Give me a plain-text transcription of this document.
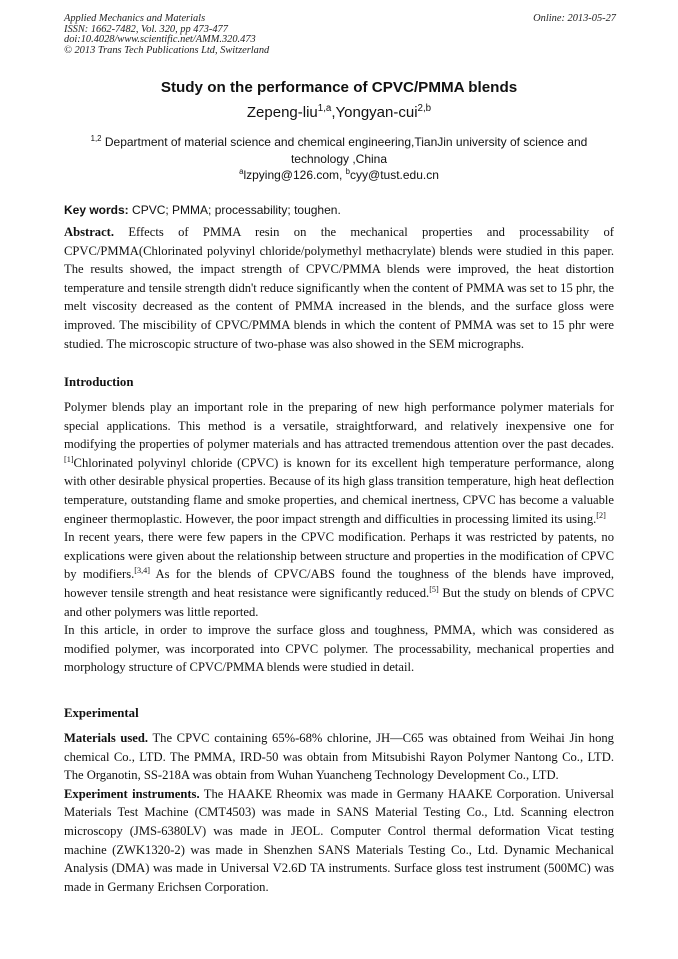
Applied Mechanics and Materials
ISSN: 1662-7482, Vol. 320, pp 473-477
doi:10.4028/www.scientific.net/AMM.320.473
© 2013 Trans Tech Publications Ltd, Switzerland
Online: 2013-05-27
Study on the performance of CPVC/PMMA blends
Zepeng-liu$^{1,a}$,Yongyan-cui$^{2,b}$
$^{1,2}$ Department of material science and chemical engineering,TianJin university of science and technology ,China
$^a$lzpying@126.com, $^b$cyy@tust.edu.cn
Key words: CPVC; PMMA; processability; toughen.

Abstract. Effects of PMMA resin on the mechanical properties and processability of CPVC/PMMA(Chlorinated polyvinyl chloride/polymethyl methacrylate) blends were studied in this paper. The results showed, the impact strength of CPVC/PMMA blends were improved, the heat distortion temperature and tensile strength didn't reduce significantly when the content of PMMA was set to 15 phr, the melt viscosity decreased as the content of PMMA increased in the blends, and the surface gloss were improved. The miscibility of CPVC/PMMA blends in which the content of PMMA was set to 15 phr were studied. The microscopic structure of two-phase was also showed in the SEM micrographs.

Introduction

Polymer blends play an important role in the preparing of new high performance polymer materials for special applications. This method is a versatile, straightforward, and relatively inexpensive one for modifying the properties of polymer materials and has attracted tremendous attention over the past decades.[1]Chlorinated polyvinyl chloride (CPVC) is known for its excellent high temperature performance, along with other desirable physical properties. Because of its high glass transition temperature, high heat deflection temperature, outstanding flame and smoke properties, and chemical inertness, CPVC has become a valuable engineer thermoplastic. However, the poor impact strength and difficulties in processing limited its using.[2]

In recent years, there were few papers in the CPVC modification. Perhaps it was restricted by patents, no explications were given about the relationship between structure and properties in the modification of CPVC by modifiers.[3,4] As for the blends of CPVC/ABS found the toughness of the blends have improved, however tensile strength and heat resistance were significantly reduced.[5] But the study on blends of CPVC and other polymers was little reported.

In this article, in order to improve the surface gloss and toughness, PMMA, which was considered as modified polymer, was incorporated into CPVC polymer. The processability, mechanical properties and morphology structure of CPVC/PMMA blends were studied in detail.

Experimental

Materials used. The CPVC containing 65%-68% chlorine, JH—C65 was obtained from Weihai Jin hong chemical Co., LTD. The PMMA, IRD-50 was obtain from Mitsubishi Rayon Polymer Nantong Co., LTD. The Organotin, SS-218A was obtain from Wuhan Yuancheng Technology Development Co., LTD.

Experiment instruments. The HAAKE Rheomix was made in Germany HAAKE Corporation. Universal Materials Test Machine (CMT4503) was made in SANS Material Testing Co., Ltd. Scanning electron microscopy (JMS-6380LV) was made in JEOL. Computer Control thermal deformation Vicat testing machine (ZWK1320-2) was made in Shenzhen SANS Materials Testing Co., Ltd. Dynamic Mechanical Analysis (DMA) was made in Universal V2.6D TA instruments. Surface gloss test instrument (500MC) was made in Germany Erichsen Corporation.
